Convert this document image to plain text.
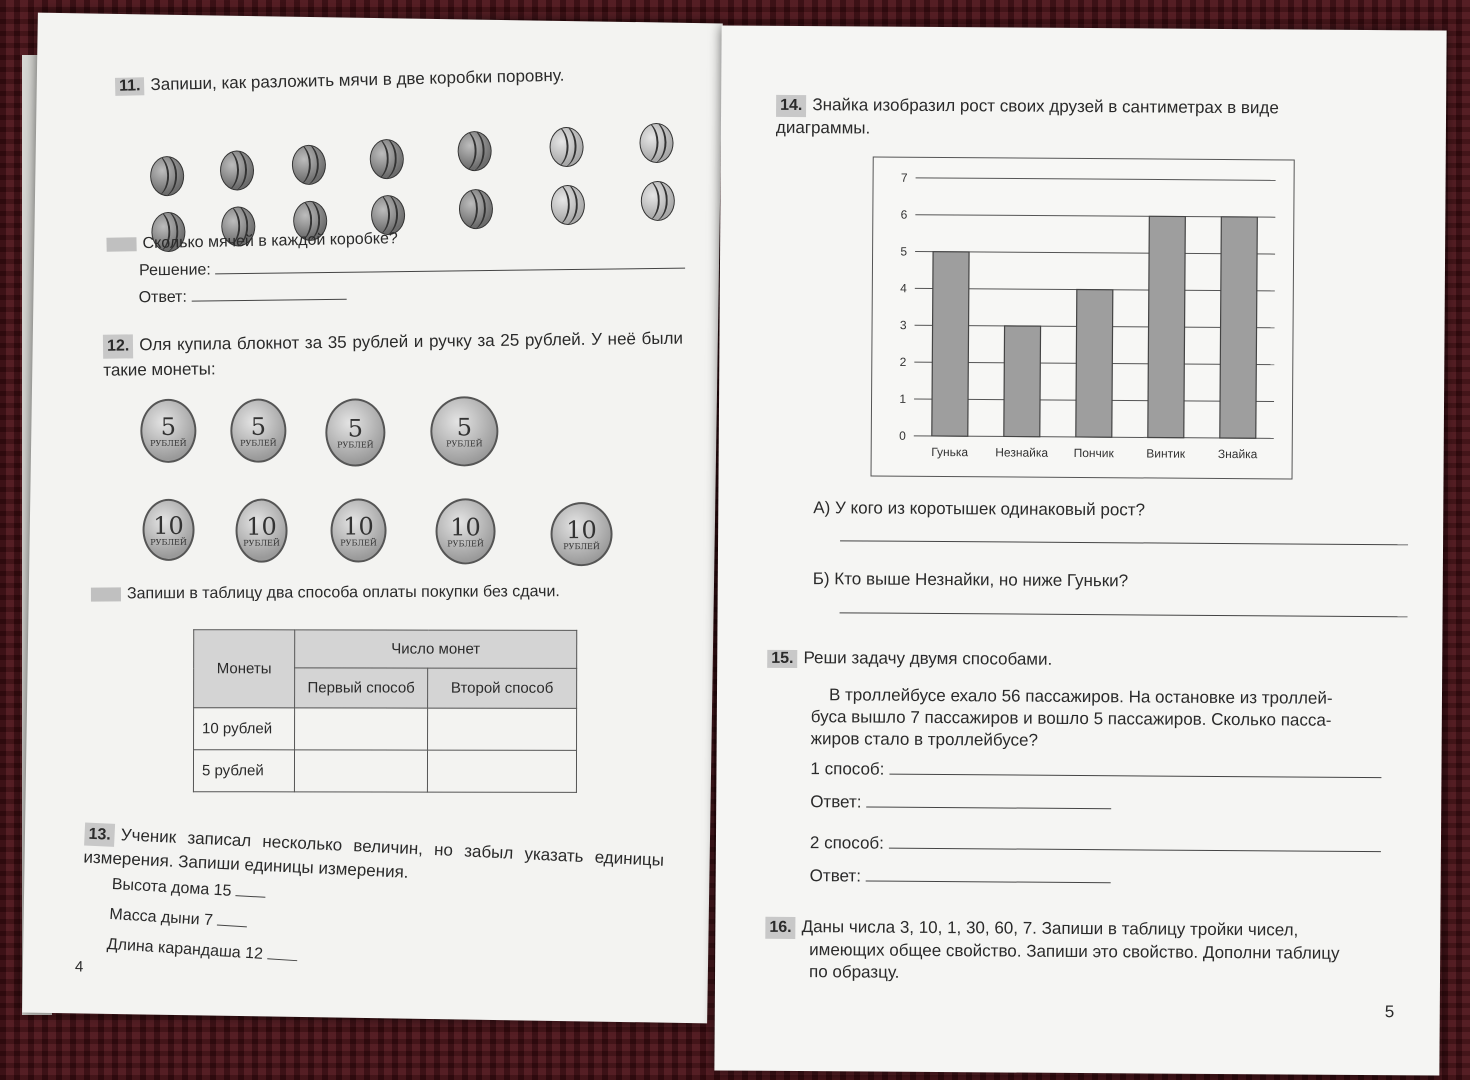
11. Запиши, как разложить мячи в две коробки поровну.
Сколько мячей в каждой коробке?
Решение:
Ответ:
12. Оля купила блокнот за 35 рублей и ручку за 25 рублей. У неё были такие монеты:
5
РУБЛЕЙ
5
РУБЛЕЙ
5
РУБЛЕЙ
5
РУБЛЕЙ
10
РУБЛЕЙ
10
РУБЛЕЙ
10
РУБЛЕЙ
10
РУБЛЕЙ	10
РУБЛЕЙ
Запиши в таблицу два способа оплаты покупки без сдачи.
Монеты	Число монет	
	Первый способ	Второй способ
10 рублей		
5 рублей		
13. Ученик записал несколько величин, но забыл указать единицы измерения. Запиши единицы измерения.
Высота дома 15
Масса дыни 7
Длина карандаша 12
4
14. Знайка изобразил рост своих друзей в сантиметрах в виде диаграммы.
0
1
2
3
4
5
6
7
Гунька Незнайка Пончик	Винтик	Знайка
А) У кого из коротышек одинаковый рост?
Б) Кто выше Незнайки, но ниже Гуньки?
15. Реши задачу двумя способами.
В троллейбусе ехало 56 пассажиров. На остановке из троллей-
буса вышло 7 пассажиров и вошло 5 пассажиров. Сколько пасса-
жиров стало в троллейбусе?
1 способ:
Ответ:
2 способ:
Ответ:
16. Даны числа 3, 10, 1, 30, 60, 7. Запиши в таблицу тройки чисел,
имеющих общее свойство. Запиши это свойство. Дополни таблицу
по образцу.
5
